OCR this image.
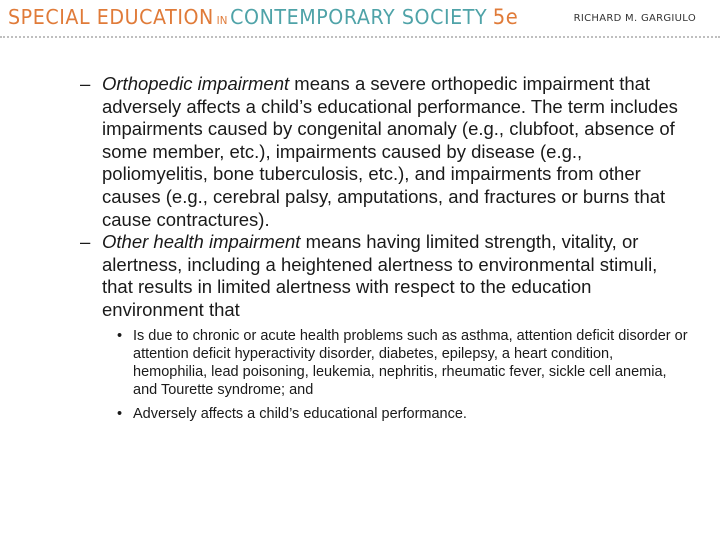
SPECIAL EDUCATION IN CONTEMPORARY SOCIETY 5e	RICHARD M. GARGIULO

– Orthopedic impairment means a severe orthopedic impairment that adversely affects a child’s educational performance. The term includes impairments caused by congenital anomaly (e.g., clubfoot, absence of some member, etc.), impairments caused by disease (e.g., poliomyelitis, bone tuberculosis, etc.), and impairments from other causes (e.g., cerebral palsy, amputations, and fractures or burns that cause contractures).

– Other health impairment means having limited strength, vitality, or alertness, including a heightened alertness to environmental stimuli, that results in limited alertness with respect to the education environment that

• Is due to chronic or acute health problems such as asthma, attention deficit disorder or attention deficit hyperactivity disorder, diabetes, epilepsy, a heart condition, hemophilia, lead poisoning, leukemia, nephritis, rheumatic fever, sickle cell anemia, and Tourette syndrome; and

• Adversely affects a child’s educational performance.
